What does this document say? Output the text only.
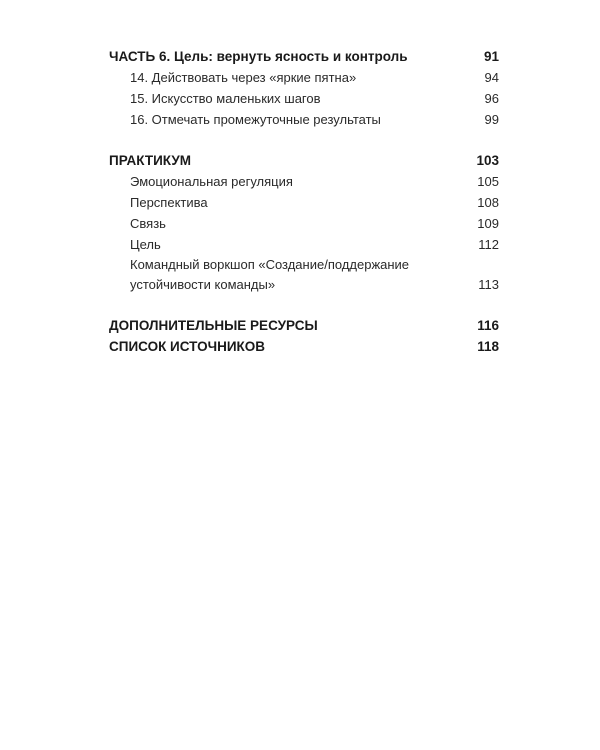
ЧАСТЬ 6. Цель: вернуть ясность и контроль	91
14. Действовать через «яркие пятна»	94
15. Искусство маленьких шагов	96
16. Отмечать промежуточные результаты	99
ПРАКТИКУМ	103
Эмоциональная регуляция	105
Перспектива	108
Связь	109
Цель	112
Командный воркшоп «Создание/поддержание
устойчивости команды»	113
ДОПОЛНИТЕЛЬНЫЕ РЕСУРСЫ	116
СПИСОК ИСТОЧНИКОВ	118
